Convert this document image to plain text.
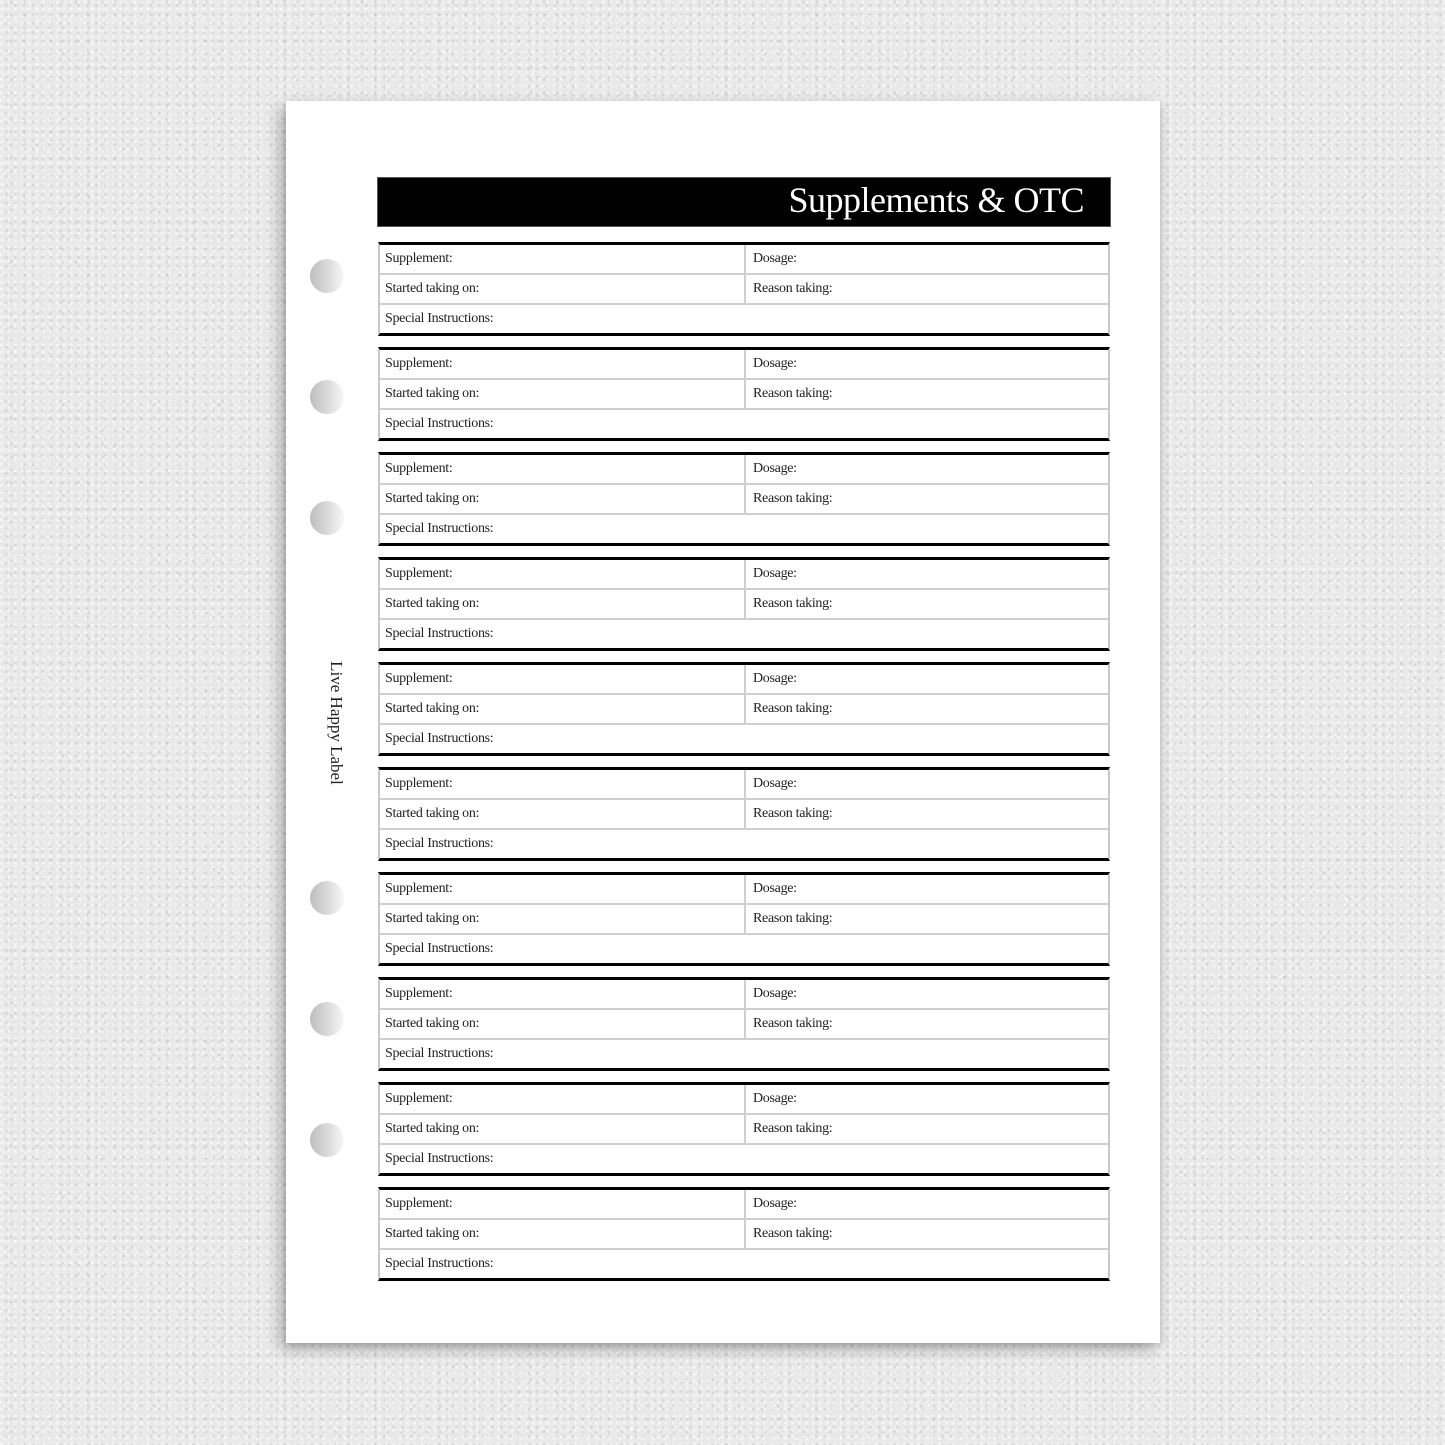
Live Happy Label
Supplements & OTC
Supplement:	Dosage:
Started taking on:	Reason taking:
Special Instructions:
Supplement:	Dosage:
Started taking on:	Reason taking:
Special Instructions:
Supplement:	Dosage:
Started taking on:	Reason taking:
Special Instructions:
Supplement:	Dosage:
Started taking on:	Reason taking:
Special Instructions:
Supplement:	Dosage:
Started taking on:	Reason taking:
Special Instructions:
Supplement:	Dosage:
Started taking on:	Reason taking:
Special Instructions:
Supplement:	Dosage:
Started taking on:	Reason taking:
Special Instructions:
Supplement:	Dosage:
Started taking on:	Reason taking:
Special Instructions:
Supplement:	Dosage:
Started taking on:	Reason taking:
Special Instructions:
Supplement:	Dosage:
Started taking on:	Reason taking:
Special Instructions:
